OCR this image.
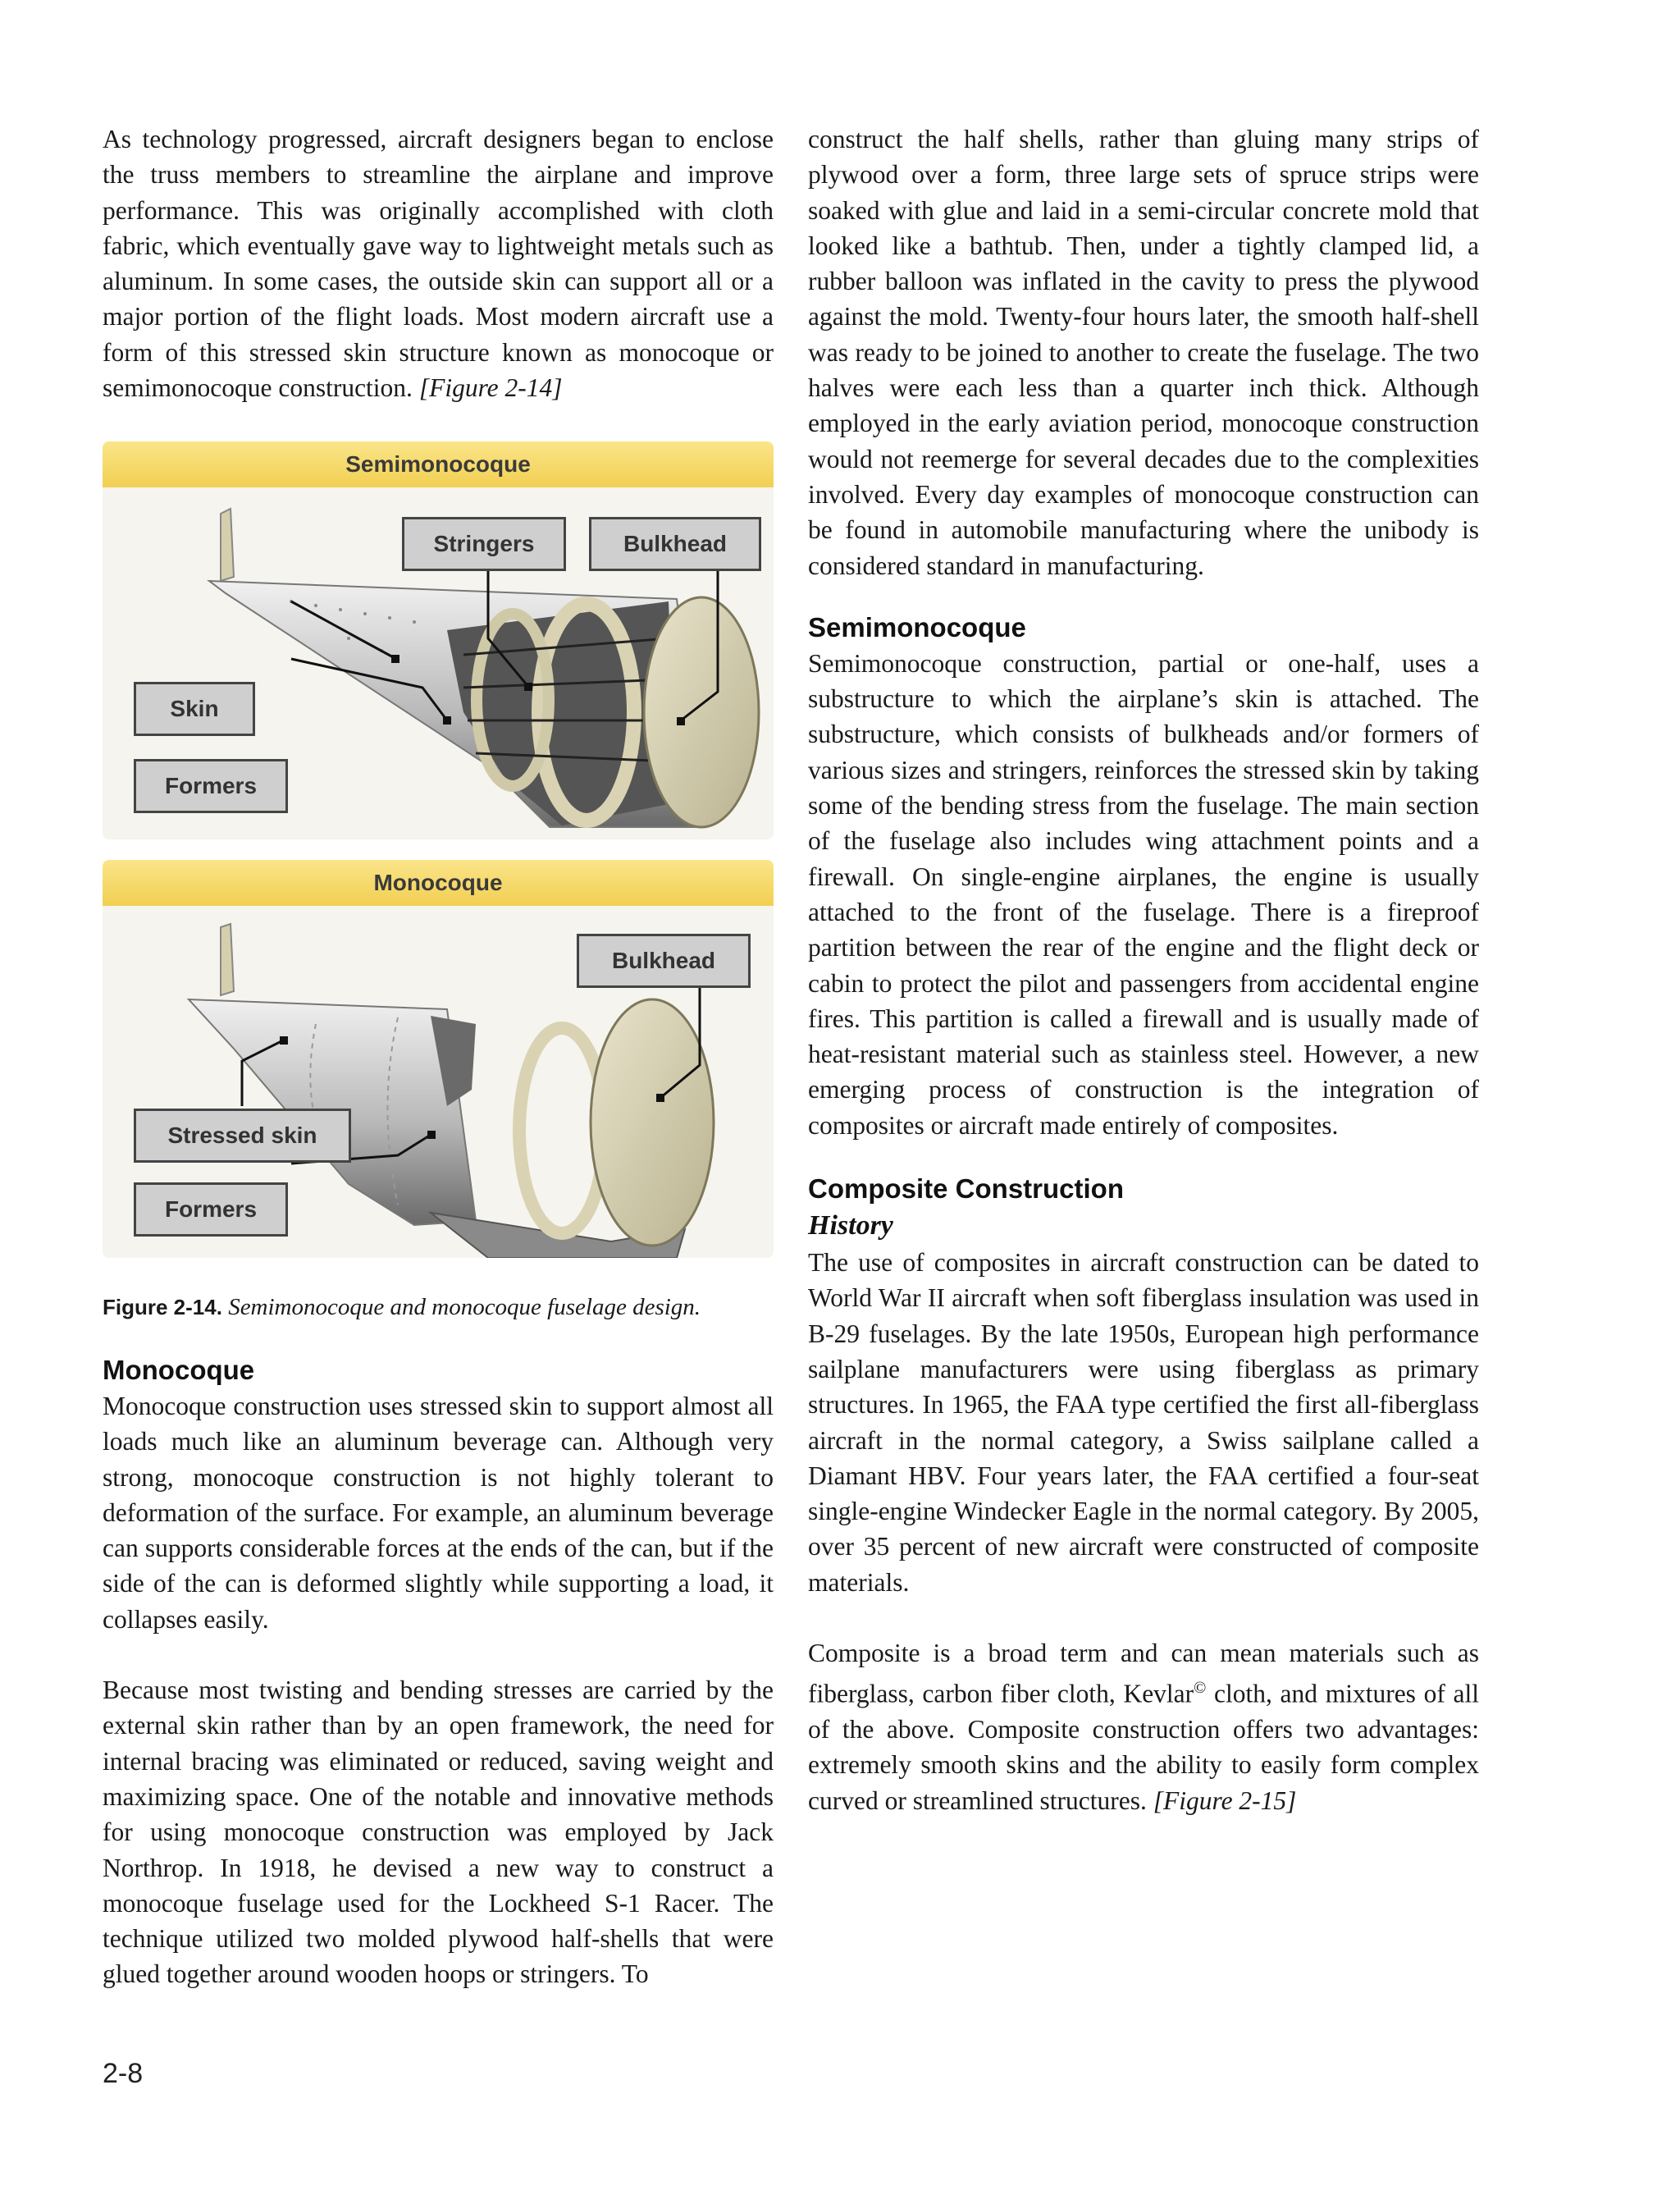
As technology progressed, aircraft designers began to enclose the truss members to streamline the airplane and improve performance. This was originally accomplished with cloth fabric, which eventually gave way to lightweight metals such as aluminum. In some cases, the outside skin can support all or a major portion of the flight loads. Most modern aircraft use a form of this stressed skin structure known as monocoque or semimonocoque construction. [Figure 2-14]

Semimonocoque
Stringers	Bulkhead
Skin
Formers
Monocoque
Bulkhead
Stressed skin
Formers

Figure 2-14. Semimonocoque and monocoque fuselage design.

Monocoque

Monocoque construction uses stressed skin to support almost all loads much like an aluminum beverage can. Although very strong, monocoque construction is not highly tolerant to deformation of the surface. For example, an aluminum beverage can supports considerable forces at the ends of the can, but if the side of the can is deformed slightly while supporting a load, it collapses easily.

Because most twisting and bending stresses are carried by the external skin rather than by an open framework, the need for internal bracing was eliminated or reduced, saving weight and maximizing space. One of the notable and innovative methods for using monocoque construction was employed by Jack Northrop. In 1918, he devised a new way to construct a monocoque fuselage used for the Lockheed S-1 Racer. The technique utilized two molded plywood half-shells that were glued together around wooden hoops or stringers. To

construct the half shells, rather than gluing many strips of plywood over a form, three large sets of spruce strips were soaked with glue and laid in a semi-circular concrete mold that looked like a bathtub. Then, under a tightly clamped lid, a rubber balloon was inflated in the cavity to press the plywood against the mold. Twenty-four hours later, the smooth half-shell was ready to be joined to another to create the fuselage. The two halves were each less than a quarter inch thick. Although employed in the early aviation period, monocoque construction would not reemerge for several decades due to the complexities involved. Every day examples of monocoque construction can be found in automobile manufacturing where the unibody is considered standard in manufacturing.

Semimonocoque

Semimonocoque construction, partial or one-half, uses a substructure to which the airplane’s skin is attached. The substructure, which consists of bulkheads and/or formers of various sizes and stringers, reinforces the stressed skin by taking some of the bending stress from the fuselage. The main section of the fuselage also includes wing attachment points and a firewall. On single-engine airplanes, the engine is usually attached to the front of the fuselage. There is a fireproof partition between the rear of the engine and the flight deck or cabin to protect the pilot and passengers from accidental engine fires. This partition is called a firewall and is usually made of heat-resistant material such as stainless steel. However, a new emerging process of construction is the integration of composites or aircraft made entirely of composites.

Composite Construction
History

The use of composites in aircraft construction can be dated to World War II aircraft when soft fiberglass insulation was used in B-29 fuselages. By the late 1950s, European high performance sailplane manufacturers were using fiberglass as primary structures. In 1965, the FAA type certified the first all-fiberglass aircraft in the normal category, a Swiss sailplane called a Diamant HBV. Four years later, the FAA certified a four-seat single-engine Windecker Eagle in the normal category. By 2005, over 35 percent of new aircraft were constructed of composite materials.

Composite is a broad term and can mean materials such as fiberglass, carbon fiber cloth, Kevlar© cloth, and mixtures of all of the above. Composite construction offers two advantages: extremely smooth skins and the ability to easily form complex curved or streamlined structures. [Figure 2-15]

2-8
